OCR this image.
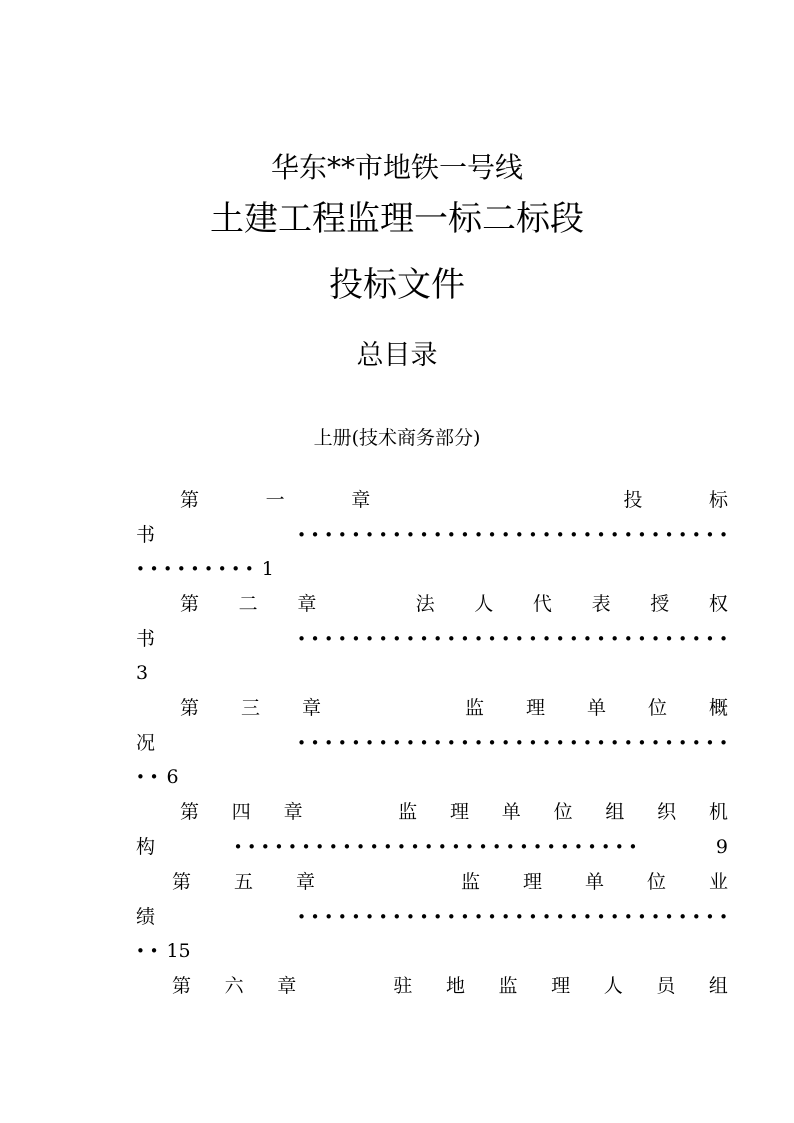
华东**市地铁一号线
土建工程监理一标二标段
投标文件
总目录
上册(技术商务部分)
第	一	章	投	标
书	• • • • • • • • • • • • • • • • • • • • • • • • • • • • • • • •
• • • • • • • • • 1
第 二 章	法 人 代 表 授 权
书	• • • • • • • • • • • • • • • • • • • • • • • • • • • • • • • •
3
第 三 章	监 理 单 位 概
况	• • • • • • • • • • • • • • • • • • • • • • • • • • • • • • • •
• • 6
第 四 章	监 理 单 位 组 织 机
构	• • • • • • • • • • • • • • • • • • • • • • • • • • • • • •	9
第 五 章	监 理 单 位 业
绩	• • • • • • • • • • • • • • • • • • • • • • • • • • • • • • • •
• • 15
第 六 章	驻 地 监 理 人 员 组
